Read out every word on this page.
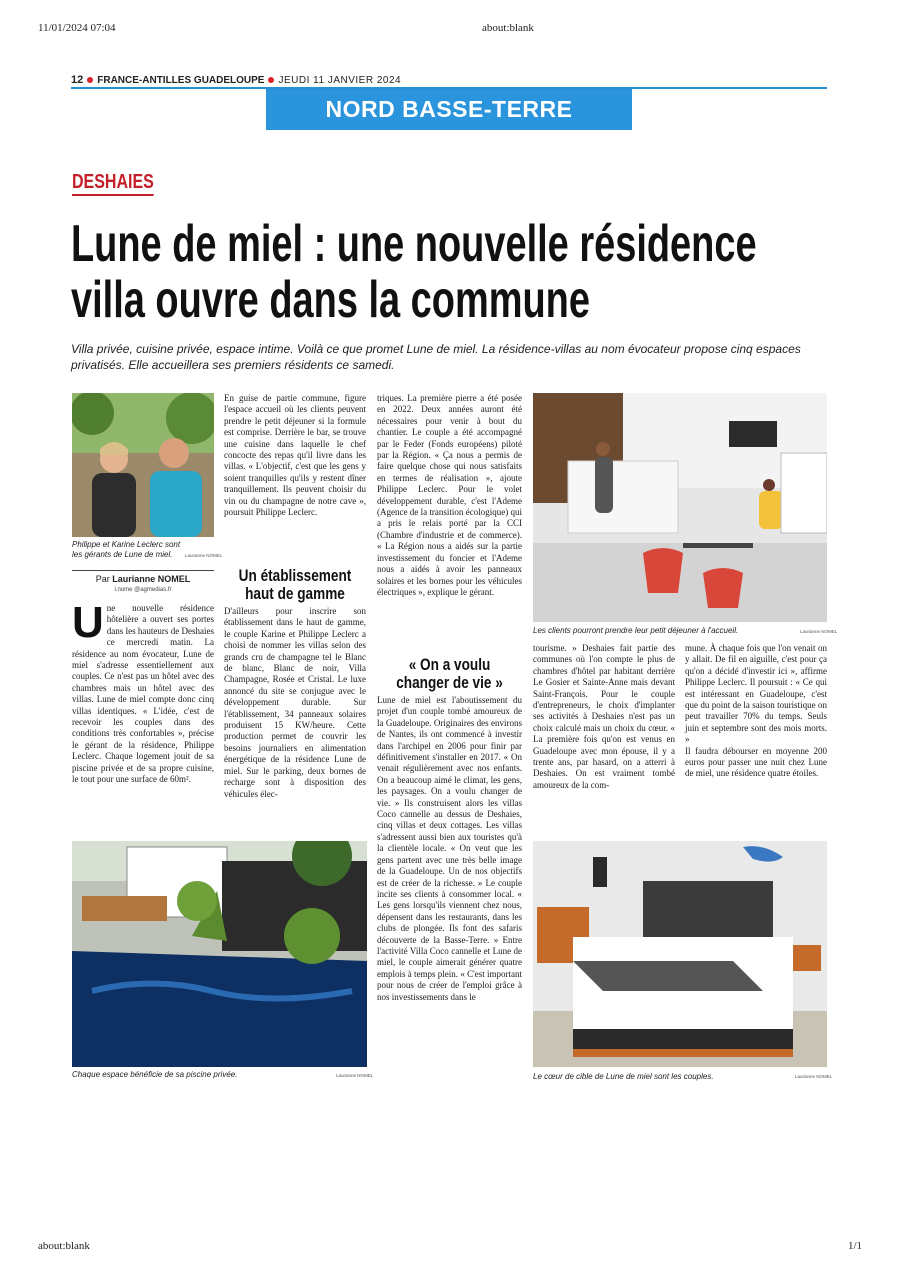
11/01/2024 07:04	about:blank
12 FRANCE-ANTILLES GUADELOUPE JEUDI 11 JANVIER 2024
NORD BASSE-TERRE
DESHAIES
Lune de miel : une nouvelle résidence
villa ouvre dans la commune
Villa privée, cuisine privée, espace intime. Voilà ce que promet Lune de miel. La résidence-villas au nom évocateur propose cinq espaces privatisés. Elle accueillera ses premiers résidents ce samedi.
Philippe et Karine Leclerc sont les gérants de Lune de miel.	Laurianne NOMEL
Les clients pourront prendre leur petit déjeuner à l'accueil.	Laurianne NOMEL
Chaque espace bénéficie de sa piscine privée.	Laurianne NOMEL	Le cœur de cible de Lune de miel sont les couples.	Laurianne NOMEL
Par Laurianne NOMEL
l.nome @agmedias.fr

Une nouvelle résidence hôtelière a ouvert ses portes dans les hauteurs de Deshaies ce mercredi matin. La résidence au nom évocateur, Lune de miel s'adresse essentiellement aux couples. Ce n'est pas un hôtel avec des chambres mais un hôtel avec des villas. Lune de miel compte donc cinq villas identiques. « L'idée, c'est de recevoir les couples dans des conditions très confortables », précise le gérant de la résidence, Philippe Leclerc. Chaque logement jouit de sa piscine privée et de sa propre cuisine, le tout pour une surface de 60m².

En guise de partie commune, figure l'espace accueil où les clients peuvent prendre le petit déjeuner si la formule est comprise. Derrière le bar, se trouve une cuisine dans laquelle le chef concocte des repas qu'il livre dans les villas. « L'objectif, c'est que les gens y soient tranquilles qu'ils y restent dîner tranquillement. Ils peuvent choisir du vin ou du champagne de notre cave », poursuit Philippe Leclerc.

Un établissement
haut de gamme

D'ailleurs pour inscrire son établissement dans le haut de gamme, le couple Karine et Philippe Leclerc a choisi de nommer les villas selon des grands cru de champagne tel le Blanc de blanc, Blanc de noir, Villa Champagne, Rosée et Cristal. Le luxe annoncé du site se conjugue avec le développement durable. Sur l'établissement, 34 panneaux solaires produisent 15 KW/heure. Cette production permet de couvrir les besoins journaliers en alimentation énergétique de la résidence Lune de miel. Sur le parking, deux bornes de recharge sont à disposition des véhicules élec-

triques. La première pierre a été posée en 2022. Deux années auront été nécessaires pour venir à bout du chantier. Le couple a été accompagné par le Feder (Fonds européens) piloté par la Région. « Ça nous a permis de faire quelque chose qui nous satisfaits en termes de réalisation », ajoute Philippe Leclerc. Pour le volet développement durable, c'est l'Ademe (Agence de la transition écologique) qui a pris le relais porté par la CCI (Chambre d'industrie et de commerce). « La Région nous a aidés sur la partie investissement du foncier et l'Ademe nous a aidés à avoir les panneaux solaires et les bornes pour les véhicules électriques », explique le gérant.

« On a voulu
changer de vie »

Lune de miel est l'aboutissement du projet d'un couple tombé amoureux de la Guadeloupe. Originaires des environs de Nantes, ils ont commencé à investir dans l'archipel en 2006 pour finir par définitivement s'installer en 2017. « On venait régulièrement avec nos enfants. On a beaucoup aimé le climat, les gens, les paysages. On a voulu changer de vie. » Ils construisent alors les villas Coco cannelle au dessus de Deshaies, cinq villas et deux cottages. Les villas s'adressent aussi bien aux touristes qu'à la clientèle locale. « On veut que les gens partent avec une très belle image de la Guadeloupe. Un de nos objectifs est de créer de la richesse. » Le couple incite ses clients à consommer local. « Les gens lorsqu'ils viennent chez nous, dépensent dans les restaurants, dans les clubs de plongée. Ils font des safaris découverte de la Basse-Terre. » Entre l'activité Villa Coco cannelle et Lune de miel, le couple aimerait générer quatre emplois à temps plein. « C'est important pour nous de créer de l'emploi grâce à nos investissements dans le

tourisme. » Deshaies fait partie des communes où l'on compte le plus de chambres d'hôtel par habitant derrière Le Gosier et Sainte-Anne mais devant Saint-François. Pour le couple d'entrepreneurs, le choix d'implanter ses activités à Deshaies n'est pas un choix calculé mais un choix du cœur. « La première fois qu'on est venus en Guadeloupe avec mon épouse, il y a trente ans, par hasard, on a atterri à Deshaies. On est vraiment tombé amoureux de la com-

mune. À chaque fois que l'on venait on y allait. De fil en aiguille, c'est pour ça qu'on a décidé d'investir ici », affirme Philippe Leclerc. Il poursuit : « Ce qui est intéressant en Guadeloupe, c'est que du point de la saison touristique on peut travailler 70% du temps. Seuls juin et septembre sont des mois morts. »

Il faudra débourser en moyenne 200 euros pour passer une nuit chez Lune de miel, une résidence quatre étoiles.

about:blank	1/1
